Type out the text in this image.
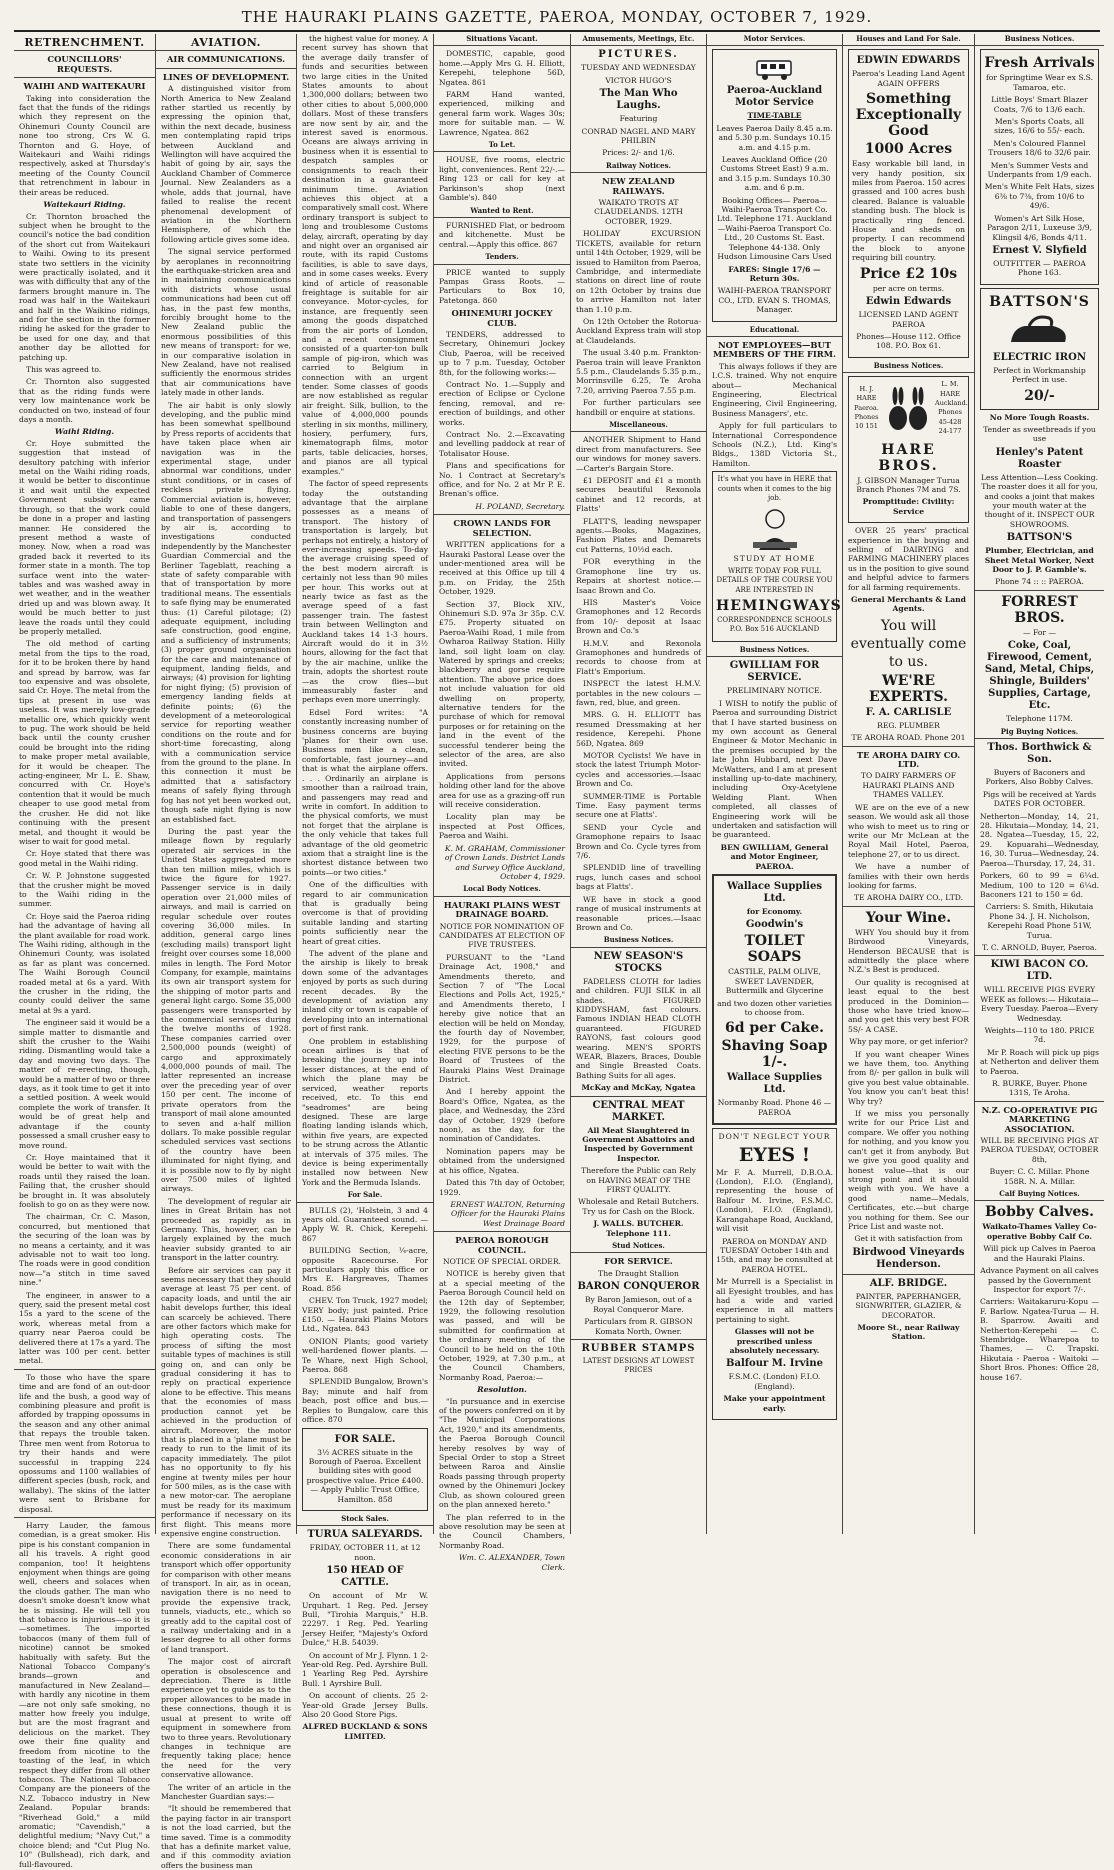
THE HAURAKI PLAINS GAZETTE, PAEROA, MONDAY, OCTOBER 7, 1929.
RETRENCHMENT.
COUNCILLORS' REQUESTS.
WAIHI AND WAITEKAURI

Taking into consideration the fact that the funds of the ridings which they represent on the Ohinemuri County Council are none too strong, Crs W. G. Thornton and G. Hoye, of Waitekauri and Waihi ridings respectively, asked at Thursday's meeting of the County Council that retrenchment in labour in their areas be reduced.

Waitekauri Riding.

Cr. Thornton broached the subject when he brought to the council's notice the bad condition of the short cut from Waitekauri to Waihi. Owing to its present state two settlers in the vicinity were practically isolated, and it was with difficulty that any of the farmers brought manure in. The road was half in the Waitekauri and half in the Waikino ridings, and for the section in the former riding he asked for the grader to be used for one day, and that another day be allotted for patching up.

This was agreed to.

Cr. Thornton also suggested that as the riding funds were very low maintenance work be conducted on two, instead of four days a month.

Waihi Riding.

Cr. Hoye submitted the suggestion that instead of desultory patching with inferior metal on the Waihi riding roads, it would be better to discontinue it and wait until the expected Government subsidy came through, so that the work could be done in a proper and lasting manner. He considered the present method a waste of money. Now, when a road was graded back it reverted to its former state in a month. The top surface went into the water-tables and was washed away in wet weather, and in the weather dried up and was blown away. It would be much better to just leave the roads until they could be properly metalled.

The old method of carting metal from the tips to the road, for it to be broken there by hand and spread by barrow, was far too expensive and was obsolete, said Cr. Hoye. The metal from the tips at present in use was useless. It was merely low-grade metallic ore, which quickly went to pug. The work should be held back until the county crusher could be brought into the riding to make proper metal available, for it would be cheaper. The acting-engineer, Mr L. E. Shaw, concurred with Cr. Hoye's contention that it would be much cheaper to use good metal from the crusher. He did not like continuing with the present metal, and thought it would be wiser to wait for good metal.

Cr. Hoye stated that there was good metal in the Waihi riding.

Cr. W. P. Johnstone suggested that the crusher might be moved to the Waihi riding in the summer.

Cr. Hoye said the Paeroa riding had the advantage of having all the plant available for road work. The Waihi riding, although in the Ohinemuri County, was isolated as far as plant was concerned. The Waihi Borough Council roaded metal at 6s a yard. With the crusher in the riding, the county could deliver the same metal at 9s a yard.

The engineer said it would be a simple matter to dismantle and shift the crusher to the Waihi riding. Dismantling would take a day and moving two days. The matter of re-erecting, though, would be a matter of two or three days, as it took time to get it into a settled position. A week would complete the work of transfer. It would be of great help and advantage if the county possessed a small crusher easy to move round.

Cr. Hoye maintained that it would be better to wait with the roads until they raised the loan. Failing that, the crusher should be brought in. It was absolutely foolish to go on as they were now.

The chairman, Cr. C. Mason, concurred, but mentioned that the securing of the loan was by no means a certainty, and it was advisable not to wait too long. The roads were in good condition now—"a stitch in time saved nine."

The engineer, in answer to a query, said the present metal cost 15s a yard to the scene of the work, whereas metal from a quarry near Paeroa could be delivered there at 17s a yard. The latter was 100 per cent. better metal.

To those who have the spare time and are fond of an out-door life and the bush, a good way of combining pleasure and profit is afforded by trapping opossums in the season and any other animal that repays the trouble taken. Three men went from Rotorua to try their hands and were successful in trapping 224 opossums and 1100 wallabies of different species (bush, rock, and wallaby). The skins of the latter were sent to Brisbane for disposal.

Harry Lauder, the famous comedian, is a great smoker. His pipe is his constant companion in all his travels. A right good companion, too! It heightens enjoyment when things are going well, cheers and solaces when the clouds gather. The man who doesn't smoke doesn't know what he is missing. He will tell you that tobacco is injurious—so it is—sometimes. The imported tobaccos (many of them full of nicotine) cannot be smoked habitually with safety. But the National Tobacco Company's brands—grown and manufactured in New Zealand—with hardly any nicotine in them—are not only safe smoking, no matter how freely you indulge, but are the most fragrant and delicious on the market. They owe their fine quality and freedom from nicotine to the toasting of the leaf, in which respect they differ from all other tobaccos. The National Tobacco Company are the pioneers of the N.Z. Tobacco industry in New Zealand. Popular brands: "Riverhead Gold," a mild aromatic; "Cavendish," a delightful medium; "Navy Cut," a choice blend; and "Cut Plug No. 10" (Bullshead), rich dark, and full-flavoured.

AVIATION.
AIR COMMUNICATIONS.
LINES OF DEVELOPMENT.

A distinguished visitor from North America to New Zealand rather startled us recently by expressing the opinion that, within the next decade, business men contemplating rapid trips between Auckland and Wellington will have acquired the habit of going by air, says the Auckland Chamber of Commerce Journal. New Zealanders as a whole, adds that journal, have failed to realise the recent phenomenal development of aviation in the Northern Hemisphere, of which the following article gives some idea.

The signal service performed by aeroplanes in reconnoitring the earthquake-stricken area and in maintaining communications with districts whose usual communications had been cut off has, in the past few months, forcibly brought home to the New Zealand public the enormous possibilities of this new means of transport: for we, in our comparative isolation in New Zealand, have not realised sufficiently the enormous strides that air communications have lately made in other lands.

The air habit is only slowly developing, and the public mind has been somewhat spellbound by Press reports of accidents that have taken place when air navigation was in the experimental stage, under abnormal war conditions, under stunt conditions, or in cases of reckless private flying. Commercial aviation is, however, liable to one of these dangers, and transportation of passengers by air is, according to investigations conducted independently by the Manchester Guardian Commercial and the Berliner Tageblatt, reaching a state of safety comparable with that of transportation by more traditional means. The essentials to safe flying may be enumerated thus: (1) Careful pilotage; (2) adequate equipment, including safe construction, good engine, and a sufficiency of instruments; (3) proper ground organisation for the care and maintenance of equipment, landing fields, and airways; (4) provision for lighting for night flying; (5) provision of emergency landing fields at definite points; (6) the development of a meteorological service for reporting weather conditions on the route and for short-time forecasting, along with a communication service from the ground to the plane. In this connection it must be admitted that a satisfactory means of safely flying through fog has not yet been worked out, though safe night flying is now an established fact.

During the past year the mileage flown by regularly operated air services in the United States aggregated more than ten million miles, which is twice the figure for 1927. Passenger service is in daily operation over 21,000 miles of airways, and mail is carried on regular schedule over routes covering 36,000 miles. In addition, general cargo lines (excluding mails) transport light freight over courses some 18,000 miles in length. The Ford Motor Company, for example, maintains its own air transport system for the shipping of motor parts and general light cargo. Some 35,000 passengers were transported by the commercial services during the twelve months of 1928. These companies carried over 2,500,000 pounds (weight) of cargo and approximately 4,000,000 pounds of mail. The latter represented an increase over the preceding year of over 150 per cent. The income of private operators from the transport of mail alone amounted to seven and a-half million dollars. To make possible regular scheduled services vast sections of the country have been illuminated for night flying, and it is possible now to fly by night over 7500 miles of lighted airways.

The development of regular air lines in Great Britain has not proceeded as rapidly as in Germany. This, however, can be largely explained by the much heavier subsidy granted to air transport in the latter country.

Before air services can pay it seems necessary that they should average at least 75 per cent. of capacity loads, and until the air habit develops further, this ideal can scarcely be achieved. There are other factors which make for high operating costs. The process of sifting the most suitable types of machines is still going on, and can only be gradual considering it has to reply on practical experience alone to be effective. This means that the economies of mass production cannot yet be achieved in the production of aircraft. Moreover, the motor that is placed in a 'plane must be ready to run to the limit of its capacity immediately. The pilot has no opportunity to fly his engine at twenty miles per hour for 500 miles, as is the case with a new motor-car. The aeroplane must be ready for its maximum performance if necessary on its first flight. This means more expensive engine construction.

There are some fundamental economic considerations in air transport which offer opportunity for comparison with other means of transport. In air, as in ocean, navigation there is no need to provide the expensive track, tunnels, viaducts, etc., which so greatly add to the capital cost of a railway undertaking and in a lesser degree to all other forms of land transport.

The major cost of aircraft operation is obsolescence and depreciation. There is little experience yet to guide as to the proper allowances to be made in these connections, though it is usual at present to write off equipment in somewhere from two to three years. Revolutionary changes in technique are frequently taking place; hence the need for the very conservative allowance.

The writer of an article in the Manchester Guardian says:—

"It should be remembered that the paying factor in air transport is not the load carried, but the time saved. Time is a commodity that has a definite market value, and if this commodity aviation offers the business man

the highest value for money. A recent survey has shown that the average daily transfer of funds and securities between two large cities in the United States amounts to about 1,300,000 dollars; between two other cities to about 5,000,000 dollars. Most of these transfers are now sent by air, and the interest saved is enormous. Oceans are always arriving in business when it is essential to despatch samples or consignments to reach their destination in a guaranteed minimum time. Aviation achieves this object at a comparatively small cost. Where ordinary transport is subject to long and troublesome Customs delay, aircraft, operating by day and night over an organised air route, with its rapid Customs facilities, is able to save days, and in some cases weeks. Every kind of article of reasonable freightage is suitable for air conveyance. Motor-cycles, for instance, are frequently seen among the goods dispatched from the air ports of London, and a recent consignment consisted of a quarter-ton bulk sample of pig-iron, which was carried to Belgium in connection with an urgent tender. Some classes of goods are now established as regular air freight. Silk, bullion, to the value of 4,000,000 pounds sterling in six months, millinery, hosiery, perfumery, furs, kinematograph films, motor parts, table delicacies, horses, and pianos are all typical examples."

The factor of speed represents today the outstanding advantage that the airplane possesses as a means of transport. The history of transportation is largely, but perhaps not entirely, a history of ever-increasing speeds. To-day the average cruising speed of the best modern aircraft is certainly not less than 90 miles per hour. This works out at nearly twice as fast as the average speed of a fast passenger train. The fastest train between Wellington and Auckland takes 14 1-3 hours. Aircraft would do it in 3½ hours, allowing for the fact that by the air machine, unlike the train, adopts the shortest route—as the crow flies—but immeasurably faster and perhaps even more unerringly.

Edsel Ford writes: "A constantly increasing number of business concerns are buying 'planes for their own use. Business men like a clean, comfortable, fast journey—and that is what the airplane offers. . . . Ordinarily an airplane is smoother than a railroad train, and passengers may read and write in comfort. In addition to the physical comforts, we must not forget that the airplane is the only vehicle that takes full advantage of the old geometric axiom that a straight line is the shortest distance between two points—or two cities."

One of the difficulties with regard to air communication that is gradually being overcome is that of providing suitable landing and starting points sufficiently near the heart of great cities.

The advent of the plane and the airship is likely to break down some of the advantages enjoyed by ports as such during recent decades. By the development of aviation any inland city or town is capable of developing into an international port of first rank.

One problem in establishing ocean airlines is that of breaking the journey up into lesser distances, at the end of which the plane may be serviced, weather reports received, etc. To this end "seadromes" are being designed. These are large floating landing islands which, within five years, are expected to be strung across the Atlantic at intervals of 375 miles. The device is being experimentally installed now between New York and the Bermuda Islands.

For Sale.

BULLS (2), 'Holstein, 3 and 4 years old. Guaranteed sound. —Apply W. R. Chick, Kerepehi. 867

BUILDING Section, ¼-acre, opposite Racecourse. For particulars apply this office or Mrs E. Hargreaves, Thames Road. 856

CHEV. Ton Truck, 1927 model; VERY body; just painted. Price £150. — Hauraki Plains Motors Ltd., Ngatea. 843

ONION Plants; good variety well-hardened flower plants. —Te Whare, next High School, Paeroa. 868

SPLENDID Bungalow, Brown's Bay; minute and half from beach, post office and bus.—Replies to Bungalow, care this office. 870

FOR SALE.

3½ ACRES situate in the Borough of Paeroa. Excellent building sites with good prospective value. Price £400. — Apply Public Trust Office, Hamilton. 858

Stock Sales.
TURUA SALEYARDS.

FRIDAY, OCTOBER 11, at 12 noon.

150 HEAD OF CATTLE.

On account of Mr W. Urquhart. 1 Reg. Ped. Jersey Bull, "Tirohia Marquis," H.B. 22297. 1 Reg. Ped. Yearling Jersey Heifer, "Majesty's Oxford Dulce," H.B. 54039.

On account of Mr J. Flynn. 1 2-Year-old Reg. Ped. Ayrshire Bull. 1 Yearling Reg Ped. Ayrshire Bull. 1 Ayrshire Bull.

On account of clients. 25 2-Year-old Grade Jersey Bulls. Also 20 Good Store Pigs.

ALFRED BUCKLAND & SONS LIMITED.

Situations Vacant.

DOMESTIC, capable, good home.—Apply Mrs G. H. Elliott, Kerepehi, telephone 56D, Ngatea. 861

FARM Hand wanted, experienced, milking and general farm work. Wages 30s; more for suitable man. — W. Lawrence, Ngatea. 862

To Let.

HOUSE, five rooms, electric light, conveniences. Rent 22/-.—Ring 123 or call for key at Parkinson's shop (next Gamble's). 840

Wanted to Rent.

FURNISHED Flat, or bedroom and kitchenette. Must be central.—Apply this office. 867

Tenders.

PRICE wanted to supply Pampas Grass Roots. — Particulars to Box 10, Patetonga. 860

OHINEMURI JOCKEY CLUB.

TENDERS, addressed to Secretary, Ohinemuri Jockey Club, Paeroa, will be received up to 7 p.m. Tuesday, October 8th, for the following works:—

Contract No. 1.—Supply and erection of Eclipse or Cyclone fencing, removal, and re-erection of buildings, and other works.

Contract No. 2.—Excavating and levelling paddock at rear of Totalisator House.

Plans and specifications for No. 1 Contract at Secretary's office, and for No. 2 at Mr P. E. Brenan's office.

H. POLAND, Secretary.

CROWN LANDS FOR SELECTION.

WRITTEN applications for a Hauraki Pastoral Lease over the under-mentioned area will be received at this Office up till 4 p.m. on Friday, the 25th October, 1929.

Section 37, Block XIV., Ohinemuri S.D. 97a 3r 35p. C.V. £75. Property situated on Paeroa-Waihi Road, 1 mile from Owharoa Railway Station. Hilly land, soil light loam on clay. Watered by springs and creeks; blackberry and gorse require attention. The above price does not include valuation for old dwelling on property, alternative tenders for the purchase of which for removal purposes or for retaining on the land in the event of the successful tenderer being the selector of the area, are also invited.

Applications from persons holding other land for the above area for use as a grazing-off run will receive consideration.

Locality plan may be inspected at Post Offices, Paeroa and Waihi.

K. M. GRAHAM, Commissioner of Crown Lands. District Lands and Survey Office Auckland, October 4, 1929.

Local Body Notices.
HAURAKI PLAINS WEST DRAINAGE BOARD.

NOTICE FOR NOMINATION OF CANDIDATES AT ELECTION OF FIVE TRUSTEES.

PURSUANT to the "Land Drainage Act, 1908," and Amendments thereto, and Section 7 of "The Local Elections and Polls Act, 1925," and Amendments thereto, I hereby give notice that an election will be held on Monday, the fourth day of November, 1929, for the purpose of electing FIVE persons to be the Board of Trustees of the Hauraki Plains West Drainage District.

And I hereby appoint the Board's Office, Ngatea, as the place, and Wednesday, the 23rd day of October, 1929 (before noon), as the day, for the nomination of Candidates.

Nomination papers may be obtained from the undersigned at his office, Ngatea.

Dated this 7th day of October, 1929.

ERNEST WALTON, Returning Officer for the Hauraki Plains West Drainage Board

PAEROA BOROUGH COUNCIL.

NOTICE OF SPECIAL ORDER.

NOTICE is hereby given that at a special meeting of the Paeroa Borough Council held on the 12th day of September, 1929, the following resolution was passed, and will be submitted for confirmation at the ordinary meeting of the Council to be held on the 10th October, 1929, at 7.30 p.m., at the Council Chambers, Normanby Road, Paeroa:—

Resolution.

"In pursuance and in exercise of the powers conferred on it by "The Municipal Corporations Act, 1920," and its amendments, the Paeroa Borough Council hereby resolves by way of Special Order to stop a Street between Raroa and Ainslie Roads passing through property owned by the Ohinemuri Jockey Club, as shown coloured green on the plan annexed hereto."

The plan referred to in the above resolution may be seen at the Council Chambers, Normanby Road.

Wm. C. ALEXANDER, Town Clerk.

Amusements, Meetings, Etc.
PICTURES.

TUESDAY AND WEDNESDAY

VICTOR HUGO'S

The Man Who Laughs.

Featuring

CONRAD NAGEL AND MARY PHILBIN

Prices: 2/- and 1/6.

Railway Notices.
NEW ZEALAND RAILWAYS.

WAIKATO TROTS AT CLAUDELANDS. 12TH OCTOBER, 1929.

HOLIDAY EXCURSION TICKETS, available for return until 14th October, 1929, will be issued to Hamilton from Paeroa, Cambridge, and intermediate stations on direct line of route on 12th October by trains due to arrive Hamilton not later than 1.10 p.m.

On 12th October the Rotorua-Auckland Express train will stop at Claudelands.

The usual 3.40 p.m. Frankton-Paeroa train will leave Frankton 5.5 p.m., Claudelands 5.35 p.m., Morrinsville 6.25, Te Aroha 7.20, arriving Paeroa 7.55 p.m.

For further particulars see handbill or enquire at stations.

Miscellaneous.

ANOTHER Shipment to Hand direct from manufacturers. See our windows for money savers. —Carter's Bargain Store.

£1 DEPOSIT and £1 a month secures beautiful Rexonola cabinet and 12 records, at Flatts'

FLATT'S, leading newspaper agents.—Books, Magazines, Fashion Plates and Demarets cut Patterns, 10½d each.

FOR everything in the Gramophone line try us. Repairs at shortest notice.—Isaac Brown and Co.

HIS Master's Voice Gramophones and 12 Records from 10/- deposit at Isaac Brown and Co.'s

H.M.V. and Rexonola Gramophones and hundreds of records to choose from at Flatt's Emporium.

INSPECT the latest H.M.V. portables in the new colours —fawn, red, blue, and green.

MRS. G. H. ELLIOTT has resumed Dressmaking at her residence, Kerepehi. Phone 56D, Ngatea. 869

MOTOR Cyclists! We have in stock the latest Triumph Motor-cycles and accessories.—Isaac Brown and Co.

SUMMER-TIME is Portable Time. Easy payment terms secure one at Flatts'.

SEND your Cycle and Gramophone repairs to Isaac Brown and Co. Cycle tyres from 7/6.

SPLENDID line of travelling rugs, lunch cases and school bags at Flatts'.

WE have in stock a good range of musical instruments at reasonable prices.—Isaac Brown and Co.

Business Notices.
NEW SEASON'S STOCKS

FADELESS CLOTH for ladies and children. FUJI SILK in all shades. FIGURED KIDDYSHAM, fast colours. Famous INDIAN HEAD CLOTH guaranteed. FIGURED RAYONS, fast colours good wearing. MEN'S SPORTS WEAR, Blazers, Braces, Double and Single Breasted Coats. Bathing Suits for all ages.

McKay and McKay, Ngatea

CENTRAL MEAT MARKET.

All Meat Slaughtered in Government Abattoirs and Inspected by Government Inspector.

Therefore the Public can Rely on HAVING MEAT OF THE FIRST QUALITY.

Wholesale and Retail Butchers. Try us for Cash on the Block.

J. WALLS. BUTCHER. Telephone 111.

Stud Notices.
FOR SERVICE.

The Draught Stallion

BARON CONQUEROR

By Baron Jamieson, out of a Royal Conqueror Mare.

Particulars from R. GIBSON Komata North, Owner.

RUBBER STAMPS

LATEST DESIGNS AT LOWEST PRICES

Motor Services.
Paeroa-Auckland Motor Service

TIME-TABLE

Leaves Paeroa Daily 8.45 a.m. and 5.30 p.m. Sundays 10.15 a.m. and 4.15 p.m.

Leaves Auckland Office (20 Customs Street East) 9 a.m. and 3.15 p.m. Sundays 10.30 a.m. and 6 p.m.

Booking Offices— Paeroa—Waihi-Paeroa Transport Co. Ltd. Telephone 171. Auckland—Waihi-Paeroa Transport Co. Ltd., 20 Customs St. East. Telephone 44-138. Only Hudson Limousine Cars Used

FARES: Single 17/6 — Return 30s.

WAIHI-PAEROA TRANSPORT CO., LTD. EVAN S. THOMAS, Manager.

Educational.
NOT EMPLOYEES—BUT MEMBERS OF THE FIRM.

This always follows if they are I.C.S. trained. Why not enquire about— Mechanical Engineering, Electrical Engineering, Civil Engineering, Business Managers', etc.

Apply for full particulars to International Correspondence Schools (N.Z.), Ltd. King's Bldgs., 138D Victoria St., Hamilton.

It's what you have in HERE that counts when it comes to the big job.

STUDY AT HOME

WRITE TODAY FOR FULL DETAILS OF THE COURSE YOU ARE INTERESTED IN

HEMINGWAYS

CORRESPONDENCE SCHOOLS P.O. Box 516 AUCKLAND

Business Notices.
GWILLIAM FOR SERVICE.

PRELIMINARY NOTICE.

I WISH to notify the public of Paeroa and surrounding District that I have started business on my own account as General Engineer & Motor Mechanic in the premises occupied by the late John Hubbard, next Dave McWatters, and I am at present installing up-to-date machinery, including Oxy-Acetylene Welding Plant. When completed, all classes of Engineering work will be undertaken and satisfaction will be guaranteed.

BEN GWILLIAM, General and Motor Engineer, PAEROA.

Wallace Supplies Ltd.

for Economy.

Goodwin's
TOILET SOAPS

CASTILE, PALM OLIVE, SWEET LAVENDER, Buttermilk and Glycerine

and two dozen other varieties to choose from.

6d per Cake.
Shaving Soap 1/-.
Wallace Supplies Ltd.

Normanby Road. Phone 46 — PAEROA

DON'T NEGLECT YOUR

EYES !

Mr F. A. Murrell, D.B.O.A. (London), F.I.O. (England), representing the house of Balfour M. Irvine, F.S.M.C. (London), F.I.O. (England), Karangahape Road, Auckland, will visit

PAEROA on MONDAY AND TUESDAY October 14th and 15th, and may be consulted at PAEROA HOTEL.

Mr Murrell is a Specialist in all Eyesight troubles, and has had a wide and varied experience in all matters pertaining to sight.

Glasses will not be prescribed unless absolutely necessary.

Balfour M. Irvine

F.S.M.C. (London) F.I.O. (England).

Make your appointment early.

Houses and Land For Sale.
EDWIN EDWARDS

Paeroa's Leading Land Agent AGAIN OFFERS

Something Exceptionally Good
1000 Acres

Easy workable bill land, in very handy position, six miles from Paeroa. 150 acres grassed and 100 acres bush cleared. Balance is valuable standing bush. The block is practically ring fenced. House and sheds on property. I can recommend the block to anyone requiring bill country.

Price £2 10s

per acre on terms.

Edwin Edwards

LICENSED LAND AGENT PAEROA

Phones—House 112. Office 108. P.O. Box 61.

Business Notices.

H. J. HARE Paeroa. Phones 10 151

L. M. HARE Auckland. Phones 45-428 24-177

HARE BROS.

J. GIBSON Manager Turua Branch Phones 7M and 7S.

Promptitude: Civility: Service

OVER 25 years' practical experience in the buying and selling of DAIRYING and FARMING MACHINERY places us in the position to give sound and helpful advice to farmers for all farming requirements.

General Merchants & Land Agents.

You will eventually come to us.
WE'RE EXPERTS.
F. A. CARLISLE

REG. PLUMBER

TE AROHA ROAD. Phone 201

TE AROHA DAIRY CO. LTD.

TO DAIRY FARMERS OF HAURAKI PLAINS AND THAMES VALLEY.

WE are on the eve of a new season. We would ask all those who wish to meet us to ring or write our Mr McLean at the Royal Mail Hotel, Paeroa, telephone 27, or to us direct.

We have a number of families with their own herds looking for farms.

TE AROHA DAIRY CO., LTD.

Your Wine.

WHY You should buy it from Birdwood Vineyards, Henderson BECAUSE that is admittedly the place where N.Z.'s Best is produced.

Our quality is recognised at least equal to the best produced in the Dominion—those who have tried know—and you get this very best FOR 5S/- A CASE.

Why pay more, or get inferior?

If you want cheaper Wines we have them, too. Anything from 8/- per gallon in bulk will give you best value obtainable. You know you can't beat this! Why try?

If we miss you personally write for our Price List and compare. We offer you nothing for nothing, and you know you can't get it from anybody. But we give you good quality and honest value—that is our strong point and it should weigh with you. We have a good name—Medals, Certificates, etc.—but charge you nothing for them. See our Price List and waste not.

Get it with satisfaction from

Birdwood Vineyards Henderson.
ALF. BRIDGE.

PAINTER, PAPERHANGER, SIGNWRITER, GLAZIER, & DECORATOR.

Moore St., near Railway Station.

Business Notices.
Fresh Arrivals

for Springtime Wear ex S.S. Tamaroa, etc.

Little Boys' Smart Blazer Coats, 7/6 to 13/6 each.

Men's Sports Coats, all sizes, 16/6 to 55/- each.

Men's Coloured Flannel Trousers 18/6 to 32/6 pair.

Men's Summer Vests and Underpants from 1/9 each.

Men's White Felt Hats, sizes 6⅜ to 7⅜, from 10/6 to 49/6.

Women's Art Silk Hose, Paragon 2/11, Luxeuse 3/9, Klingsil 4/6, Bonds 4/11.

Ernest V. Slyfield

OUTFITTER — PAEROA Phone 163.

BATTSON'S
ELECTRIC IRON

Perfect in Workmanship Perfect in use.

20/-

No More Tough Roasts.

Tender as sweetbreads if you use

Henley's Patent Roaster

Less Attention—Less Cooking. The roaster does it all for you, and cooks a joint that makes your mouth water at the thought of it. INSPECT OUR SHOWROOMS.

BATTSON'S

Plumber, Electrician, and Sheet Metal Worker, Next Door to J. P. Gamble's.

Phone 74 :: :: PAEROA.

FORREST BROS.

— For —

Coke, Coal, Firewood, Cement, Sand, Metal, Chips, Shingle, Builders' Supplies, Cartage, Etc.

Telephone 117M.

Pig Buying Notices.
Thos. Borthwick & Son.

Buyers of Baconers and Porkers, Also Bobby Calves.

Pigs will be received at Yards DATES FOR OCTOBER.

Netherton—Monday, 14, 21, 28. Hikutaia—Monday, 14, 21, 28. Ngatea—Tuesday, 15, 22, 29. Kopuarahi—Wednesday, 16, 30. Turua—Wednesday, 24. Paeroa—Thursday, 17, 24, 31.

Porkers, 60 to 99 = 6¼d. Medium, 100 to 120 = 6¼d. Baconers 121 to 150 = 6d.

Carriers: S. Smith, Hikutaia Phone 34. J. H. Nicholson, Kerepehi Road Phone 51W, Turua.

T. C. ARNOLD, Buyer, Paeroa.

KIWI BACON CO. LTD.

WILL RECEIVE PIGS EVERY WEEK as follows:— Hikutaia—Every Tuesday. Paeroa—Every Wednesday.

Weights—110 to 180. PRICE 7d.

Mr P. Roach will pick up pigs at Netherton and deliver them to Paeroa.

R. BURKE, Buyer. Phone 131S, Te Aroha.

N.Z. CO-OPERATIVE PIG MARKETING ASSOCIATION.

WILL BE RECEIVING PIGS AT PAEROA TUESDAY, OCTOBER 8th,

Buyer: C. C. Millar. Phone 158R. N. A. Millar.

Calf Buying Notices.
Bobby Calves.

Waikato-Thames Valley Co-operative Bobby Calf Co.

Will pick up Calves in Paeroa and the Hauraki Plains.

Advance Payment on all calves passed by the Government Inspector for export 7/-.

Carriers: Waitakaruru-Kopu — F. Barlow. Ngatea-Turua — H. B. Sparrow. Awaiti and Netherton-Kerepehi — C. Stembridge. Wharepoa to Thames, — C. Trapski. Hikutaia - Paeroa - Waitoki — Short Bros. Phones: Office 28, house 167.
